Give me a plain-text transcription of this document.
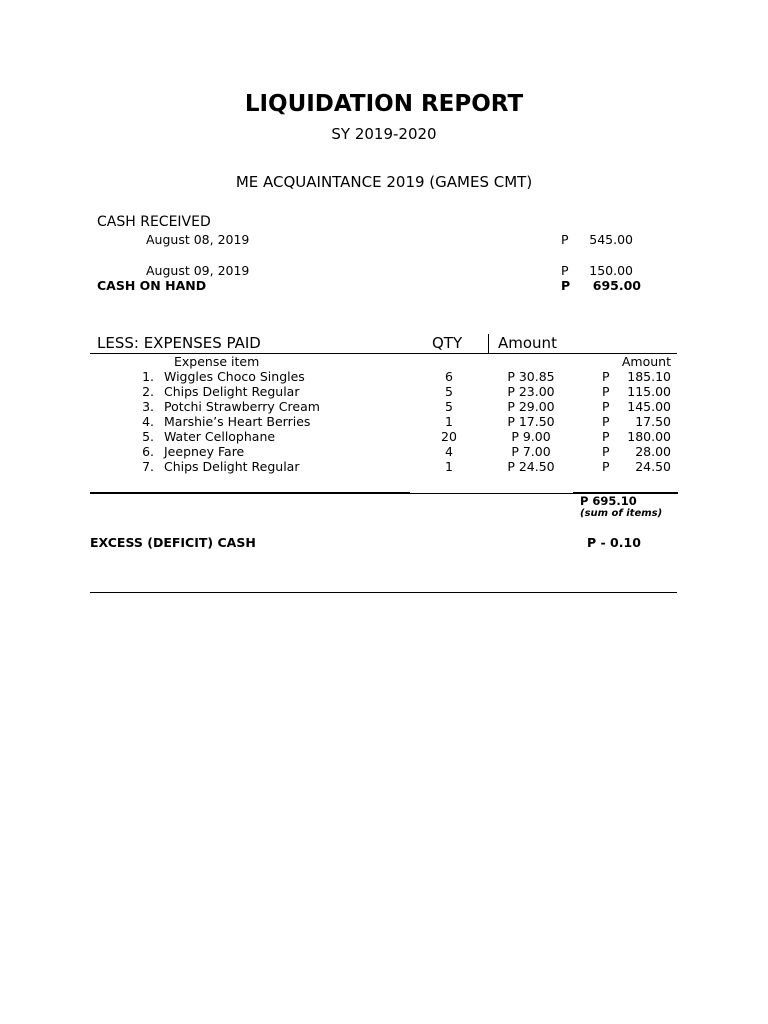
LIQUIDATION REPORT
SY 2019-2020
ME ACQUAINTANCE 2019 (GAMES CMT)
CASH RECEIVED
August 08, 2019	P	545.00
August 09, 2019	P	150.00
CASH ON HAND	P	695.00
LESS: EXPENSES PAID	QTY Amount
Expense item	Amount
1. Wiggles Choco Singles	6	P 30.85	P	185.10
2. Chips Delight Regular	5	P 23.00	P	115.00
3. Potchi Strawberry Cream	5	P 29.00	P	145.00
4. Marshie’s Heart Berries	1	P 17.50	P	17.50
5. Water Cellophane	20	P 9.00	P	180.00
6. Jeepney Fare	4	P 7.00	P	28.00
7. Chips Delight Regular	1	P 24.50	P	24.50
P 695.10
(sum of items)
EXCESS (DEFICIT) CASH	P - 0.10
